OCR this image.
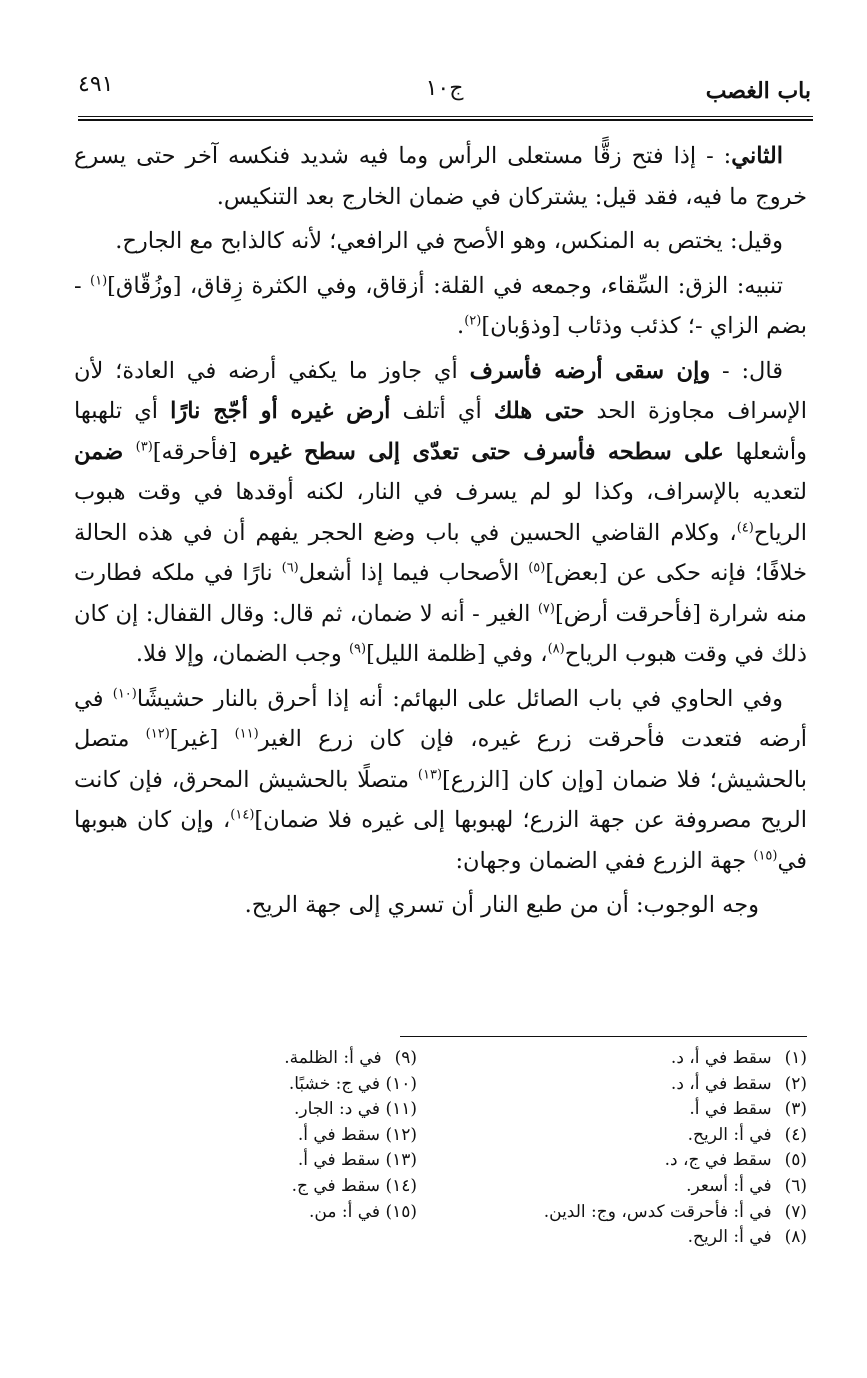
باب الغصب
ج١٠
٤٩١

الثاني: - إذا فتح زقًّا مستعلى الرأس وما فيه شديد فنكسه آخر حتى يسرع خروج ما فيه، فقد قيل: يشتركان في ضمان الخارج بعد التنكيس.

وقيل: يختص به المنكس، وهو الأصح في الرافعي؛ لأنه كالذابح مع الجارح.

تنبيه: الزق: السِّقاء، وجمعه في القلة: أزقاق، وفي الكثرة زِقاق، [وزُقّاق]$^{(١)}$ - بضم الزاي -؛ كذئب وذئاب [وذؤبان]$^{(٢)}$.

قال: - وإن سقى أرضه فأسرف أي جاوز ما يكفي أرضه في العادة؛ لأن الإسراف مجاوزة الحد حتى هلك أي أتلف أرض غيره أو أجّج نارًا أي تلهبها وأشعلها على سطحه فأسرف حتى تعدّى إلى سطح غيره [فأحرقه]$^{(٣)}$ ضمن لتعديه بالإسراف، وكذا لو لم يسرف في النار، لكنه أوقدها في وقت هبوب الرياح$^{(٤)}$، وكلام القاضي الحسين في باب وضع الحجر يفهم أن في هذه الحالة خلافًا؛ فإنه حكى عن [بعض]$^{(٥)}$ الأصحاب فيما إذا أشعل$^{(٦)}$ نارًا في ملكه فطارت منه شرارة [فأحرقت أرض]$^{(٧)}$ الغير - أنه لا ضمان، ثم قال: وقال القفال: إن كان ذلك في وقت هبوب الرياح$^{(٨)}$، وفي [ظلمة الليل]$^{(٩)}$ وجب الضمان، وإلا فلا.

وفي الحاوي في باب الصائل على البهائم: أنه إذا أحرق بالنار حشيشًا$^{(١٠)}$ في أرضه فتعدت فأحرقت زرع غيره، فإن كان زرع الغير$^{(١١)}$ [غير]$^{(١٢)}$ متصل بالحشيش؛ فلا ضمان [وإن كان [الزرع]$^{(١٣)}$ متصلًا بالحشيش المحرق، فإن كانت الريح مصروفة عن جهة الزرع؛ لهبوبها إلى غيره فلا ضمان]$^{(١٤)}$، وإن كان هبوبها في$^{(١٥)}$ جهة الزرع ففي الضمان وجهان:

وجه الوجوب: أن من طبع النار أن تسري إلى جهة الريح.

(١) سقط في أ، د.
(٢) سقط في أ، د.
(٣) سقط في أ.
(٤) في أ: الريح.
(٥) سقط في ج، د.
(٦) في أ: أسعر.
(٧) في أ: فأحرقت كدس، وج: الدين.
(٨) في أ: الريح.
(٩) في أ: الظلمة.
(١٠) في ج: خشبًا.
(١١) في د: الجار.
(١٢) سقط في أ.
(١٣) سقط في أ.
(١٤) سقط في ج.
(١٥) في أ: من.
